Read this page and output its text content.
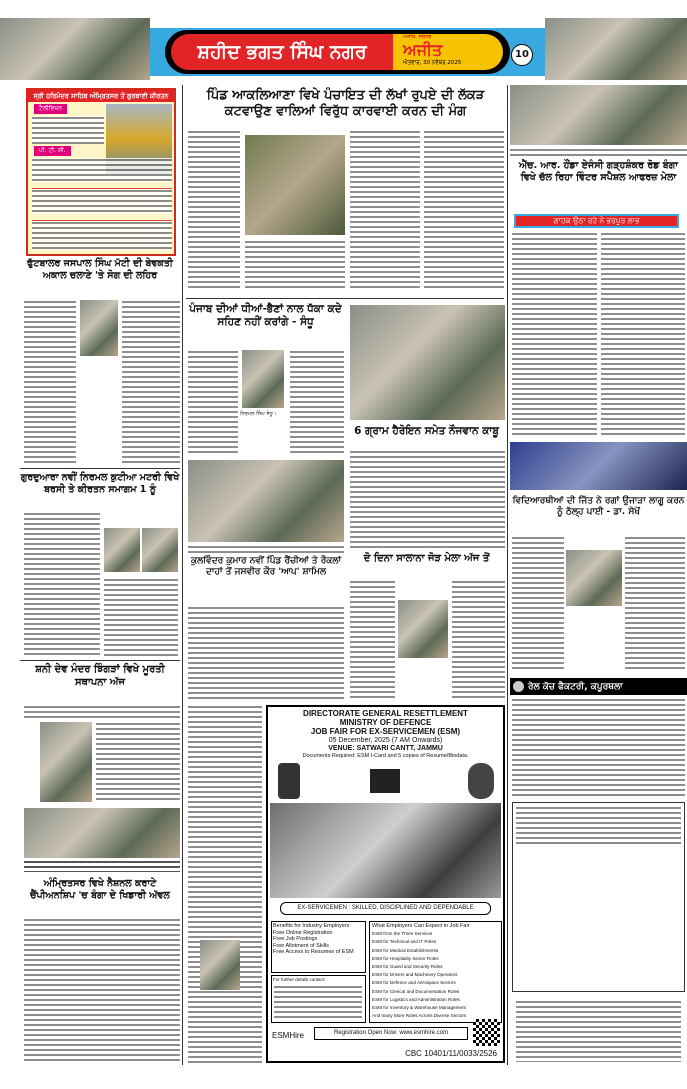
ਸ਼ਹੀਦ ਭਗਤ ਸਿੰਘ ਨਗਰ
ਅਜੀਤ, ਜਲੰਧਰ
ਅਜੀਤ
ਐਤਵਾਰ, 30 ਨਵੰਬਰ 2025
10
ਸ੍ਰੀ ਹਰਿਮੰਦਰ ਸਾਹਿਬ ਅੰਮ੍ਰਿਤਸਰ ਤੋਂ ਗੁਰਬਾਣੀ ਕੀਰਤਨ
ਟੈਲੀਵਿਜ਼ਨ
ਪੀ. ਟੀ. ਸੀ.
ਫੁੱਟਬਾਲਰ ਜਸਪਾਲ ਸਿੰਘ ਮੱਟੀ ਦੀ ਬੇਵਕਤੀ ਅਕਾਲ ਚਲਾਣੇ 'ਤੇ ਸੋਗ ਦੀ ਲਹਿਰ
ਗੁਰਦੁਆਰਾ ਨਵੀਂ ਨਿਰਮਲ ਕੁਟੀਆ ਮਟਰੀ ਵਿਖੇ ਬਰਸੀ ਤੇ ਕੀਰਤਨ ਸਮਾਗਮ 1 ਨੂੰ
ਸ਼ਨੀ ਦੇਵ ਮੰਦਰ ਝਿੰਗੜਾਂ ਵਿਖੇ ਮੂਰਤੀ ਸਥਾਪਨਾ ਅੱਜ
ਅੰਮ੍ਰਿਤਸਰ ਵਿਖੇ ਨੈਸ਼ਨਲ ਕਰਾਟੇ ਚੈਂਪੀਅਨਸ਼ਿਪ 'ਚ ਬੰਗਾ ਦੇ ਖਿਡਾਰੀ ਅੱਵਲ
ਪਿੰਡ ਆਕਲਿਆਣਾ ਵਿਖੇ ਪੰਚਾਇਤ ਦੀ ਲੱਖਾਂ ਰੁਪਏ ਦੀ ਲੱਕੜ ਕਟਵਾਉਣ ਵਾਲਿਆਂ ਵਿਰੁੱਧ ਕਾਰਵਾਈ ਕਰਨ ਦੀ ਮੰਗ
ਪੰਜਾਬ ਦੀਆਂ ਧੀਆਂ-ਭੈਣਾਂ ਨਾਲ ਧੱਕਾ ਕਦੇ ਸਹਿਣ ਨਹੀਂ ਕਰਾਂਗੇ - ਸੰਧੂ
ਨਿਰਮਲ ਸਿੰਘ ਸੰਧੂ।
6 ਗ੍ਰਾਮ ਹੈਰੋਇਨ ਸਮੇਤ ਨੌਜਵਾਨ ਕਾਬੂ
ਕੁਲਵਿੰਦਰ ਕੁਮਾਰ ਨਵੀਂ ਪਿੰਡ ਰੈਂਚੀਆਂ ਤੇ ਰੌਕਲਾਂ ਦਾਹਾਂ ਤੋਂ ਜਸਵੀਰ ਕੌਰ 'ਆਪ' ਸ਼ਾਮਿਲ
ਦੋ ਦਿਨਾ ਸਾਲਾਨਾ ਜੋੜ ਮੇਲਾ ਅੱਜ ਤੋਂ
DIRECTORATE GENERAL RESETTLEMENT
MINISTRY OF DEFENCE
JOB FAIR FOR EX-SERVICEMEN (ESM)
05 December, 2025 (7 AM Onwards)
VENUE: SATWARI CANTT, JAMMU
Documents Required: ESM I-Card and 5 copies of Resume/Biodata.
EX-SERVICEMEN : SKILLED, DISCIPLINED AND DEPENDABLE
Benefits for Industry Employers
Free Online Registration
Free Job Postings
Free Allotment of Skills
Free Access to Resumes of ESM
For further details contact:
What Employers Can Expect in Job Fair
ESM from the Three Services
ESM for Technical and IT Roles
ESM for Medical Establishments
ESM for Hospitality Sector Roles
ESM for Guard and Security Roles
ESM for Drivers and Machinery Operators
ESM for Defence and Aerospace Sectors
ESM for Clerical and Documentation Roles
ESM for Logistics and Administration Roles
ESM for Inventory & Warehouse Management
And many More Roles Across Diverse Sectors
ESMHire	Registration Open Now: www.esmhire.com
CBC 10401/11/0033/2526
ਐੱਚ. ਆਰ. ਹੌਂਡਾ ਏਜੰਸੀ ਗੜ੍ਹਸ਼ੰਕਰ ਰੋਡ ਬੰਗਾ ਵਿਖੇ ਚੱਲ ਰਿਹਾ ਵਿੰਟਰ ਸਪੈਸ਼ਲ ਆਫਰਜ਼ ਮੇਲਾ
ਗਾਹਕ ਉਠਾ ਰਹੇ ਨੇ ਭਰਪੂਰ ਲਾਭ
ਵਿਦਿਆਰਥੀਆਂ ਦੀ ਜਿੱਤ ਨੇ ਰਗਾਂ ਉਜਾੜਾ ਲਾਗੂ ਕਰਨ ਨੂੰ ਠੱਲ੍ਹ ਪਾਈ - ਡਾ. ਸੇਖੋਂ
ਰੇਲ ਕੋਚ ਫੈਕਟਰੀ, ਕਪੂਰਥਲਾ
